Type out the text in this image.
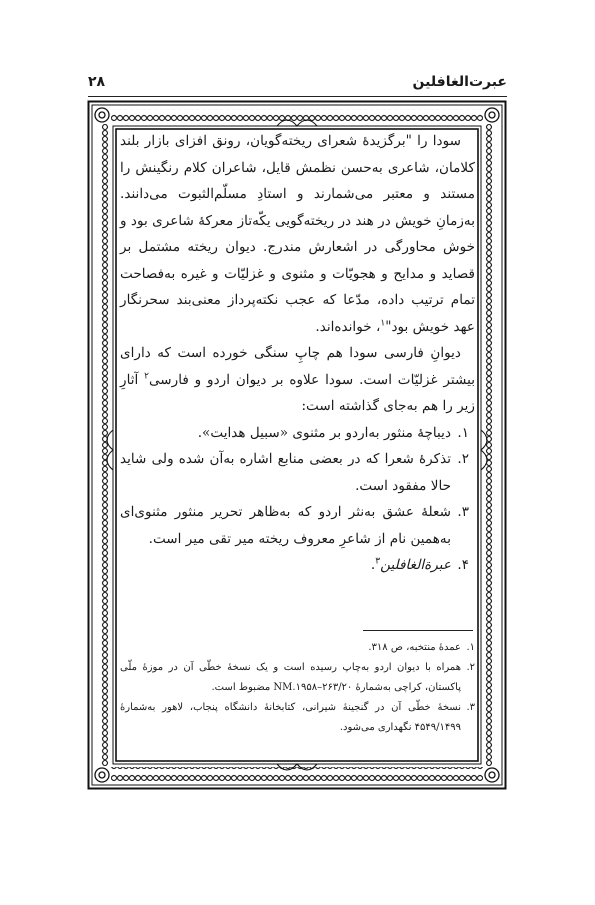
عبرت‌الغافلین
۲۸

سودا را "برگزیدهٔ شعرای ریخته‌گویان، رونق افزای بازار بلند کلامان، شاعری به‌حسن نظمش قایل، شاعران کلام رنگینش را مستند و معتبر می‌شمارند و استادِ مسلّم‌الثبوت می‌دانند. به‌زمانِ خویش در هند در ریخته‌گویی یکّه‌تاز معرکهٔ شاعری بود و خوش محاورگی در اشعارش مندرج. دیوان ریخته مشتمل بر قصاید و مدایح و هجویّات و مثنوی و غزلیّات و غیره به‌فصاحت تمام ترتیب داده، مدّعا که عجب نکته‌پرداز معنی‌بند سحرنگار عهد خویش بود"$^۱$، خوانده‌اند.

دیوانِ فارسی سودا هم چاپِ سنگی خورده است که دارای بیشتر غزلیّات است. سودا علاوه بر دیوان اردو و فارسی$^۲$ آثارِ زیر را هم به‌جای گذاشته است:

۱.
دیباچهٔ منثور به‌اردو بر مثنوی «سبیل هدایت».
۲.
تذکرهٔ شعرا که در بعضی منابع اشاره به‌آن شده ولی شاید حالا مفقود است.
۳.
شعلهٔ عشق به‌نثر اردو که به‌ظاهر تحریر منثور مثنوی‌ای به‌همین نام از شاعرِ معروف ریخته میر تقی میر است.
۴.
عبرة‌الغافلین$^۳$.

۱.
عمدهٔ منتخبه، ص ۳۱۸.

۲.
همراه با دیوان اردو به‌چاپ رسیده است و یک نسخهٔ خطّی آن در موزهٔ ملّی پاکستان، کراچی به‌شمارهٔ NM.۱۹۵۸–۲۶۳/۲۰ مضبوط است.

۳.
نسخهٔ خطّی آن در گنجینهٔ شیرانی، کتابخانهٔ دانشگاه پنجاب، لاهور به‌شمارهٔ ۴۵۴۹/۱۴۹۹ نگهداری می‌شود.
